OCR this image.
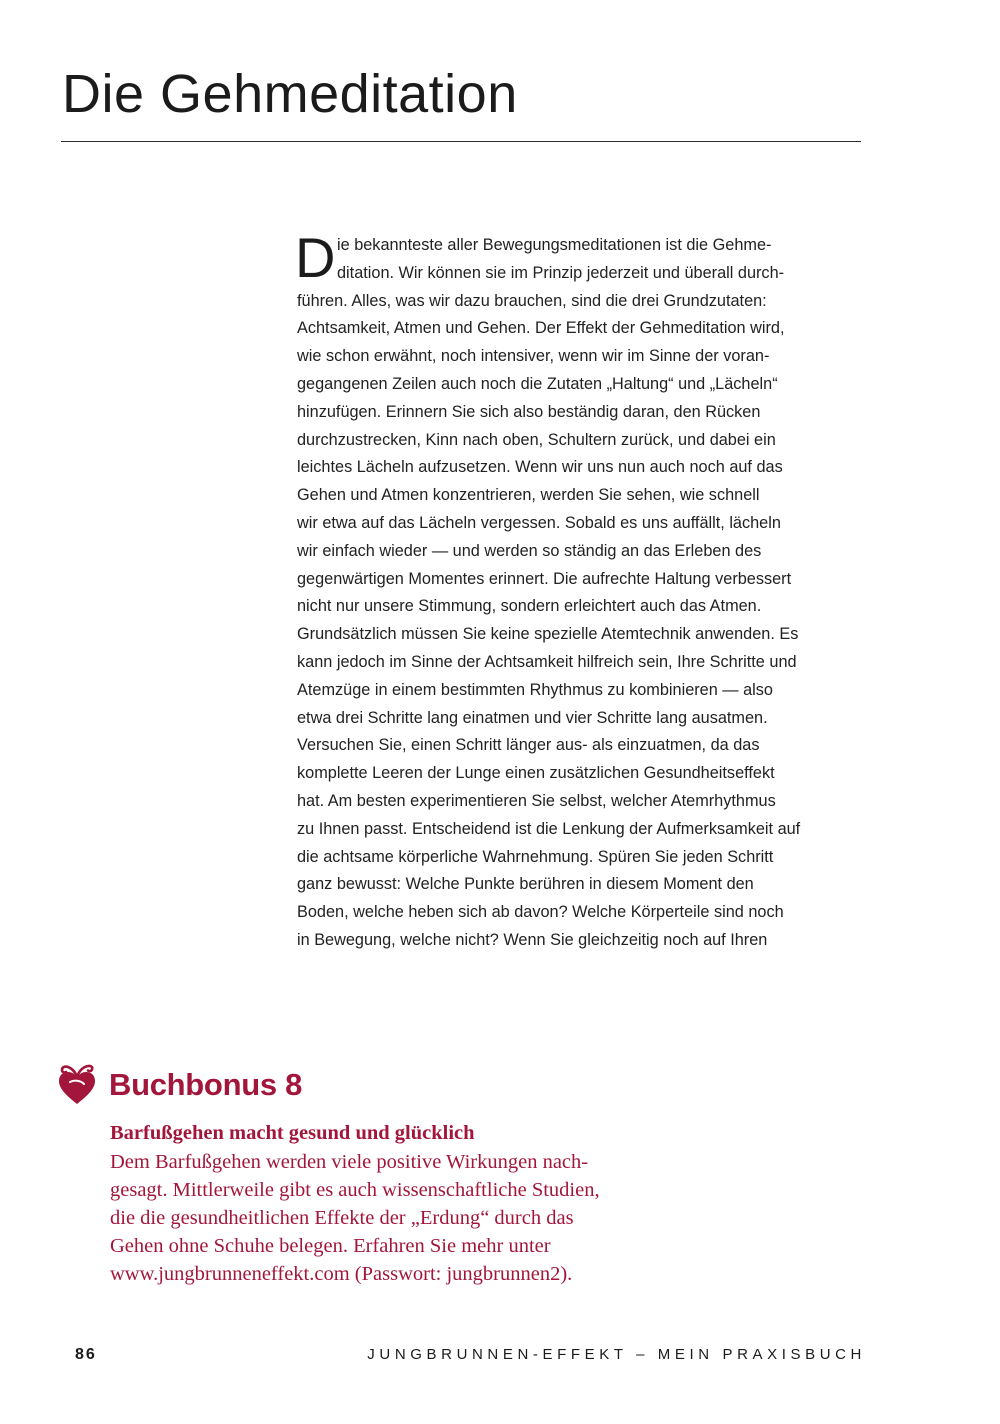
Die Gehmeditation
D ie bekannteste aller Bewegungsmeditationen ist die Gehme-
ditation. Wir können sie im Prinzip jederzeit und überall durch-
führen. Alles, was wir dazu brauchen, sind die drei Grundzutaten:
Achtsamkeit, Atmen und Gehen. Der Effekt der Gehmeditation wird,
wie schon erwähnt, noch intensiver, wenn wir im Sinne der voran-
gegangenen Zeilen auch noch die Zutaten „Haltung“ und „Lächeln“
hinzufügen. Erinnern Sie sich also beständig daran, den Rücken
durchzustrecken, Kinn nach oben, Schultern zurück, und dabei ein
leichtes Lächeln aufzusetzen. Wenn wir uns nun auch noch auf das
Gehen und Atmen konzentrieren, werden Sie sehen, wie schnell
wir etwa auf das Lächeln vergessen. Sobald es uns auffällt, lächeln
wir einfach wieder — und werden so ständig an das Erleben des
gegenwärtigen Momentes erinnert. Die aufrechte Haltung verbessert
nicht nur unsere Stimmung, sondern erleichtert auch das Atmen.
Grundsätzlich müssen Sie keine spezielle Atemtechnik anwenden. Es
kann jedoch im Sinne der Achtsamkeit hilfreich sein, Ihre Schritte und
Atemzüge in einem bestimmten Rhythmus zu kombinieren — also
etwa drei Schritte lang einatmen und vier Schritte lang ausatmen.
Versuchen Sie, einen Schritt länger aus- als einzuatmen, da das
komplette Leeren der Lunge einen zusätzlichen Gesundheitseffekt
hat. Am besten experimentieren Sie selbst, welcher Atemrhythmus
zu Ihnen passt. Entscheidend ist die Lenkung der Aufmerksamkeit auf
die achtsame körperliche Wahrnehmung. Spüren Sie jeden Schritt
ganz bewusst: Welche Punkte berühren in diesem Moment den
Boden, welche heben sich ab davon? Welche Körperteile sind noch
in Bewegung, welche nicht? Wenn Sie gleichzeitig noch auf Ihren
Buchbonus 8
Barfußgehen macht gesund und glücklich
Dem Barfußgehen werden viele positive Wirkungen nach-
gesagt. Mittlerweile gibt es auch wissenschaftliche Studien,
die die gesundheitlichen Effekte der „Erdung“ durch das
Gehen ohne Schuhe belegen. Erfahren Sie mehr unter
www.jungbrunneneffekt.com (Passwort: jungbrunnen2).
86	JUNGBRUNNEN-EFFEKT – MEIN PRAXISBUCH
